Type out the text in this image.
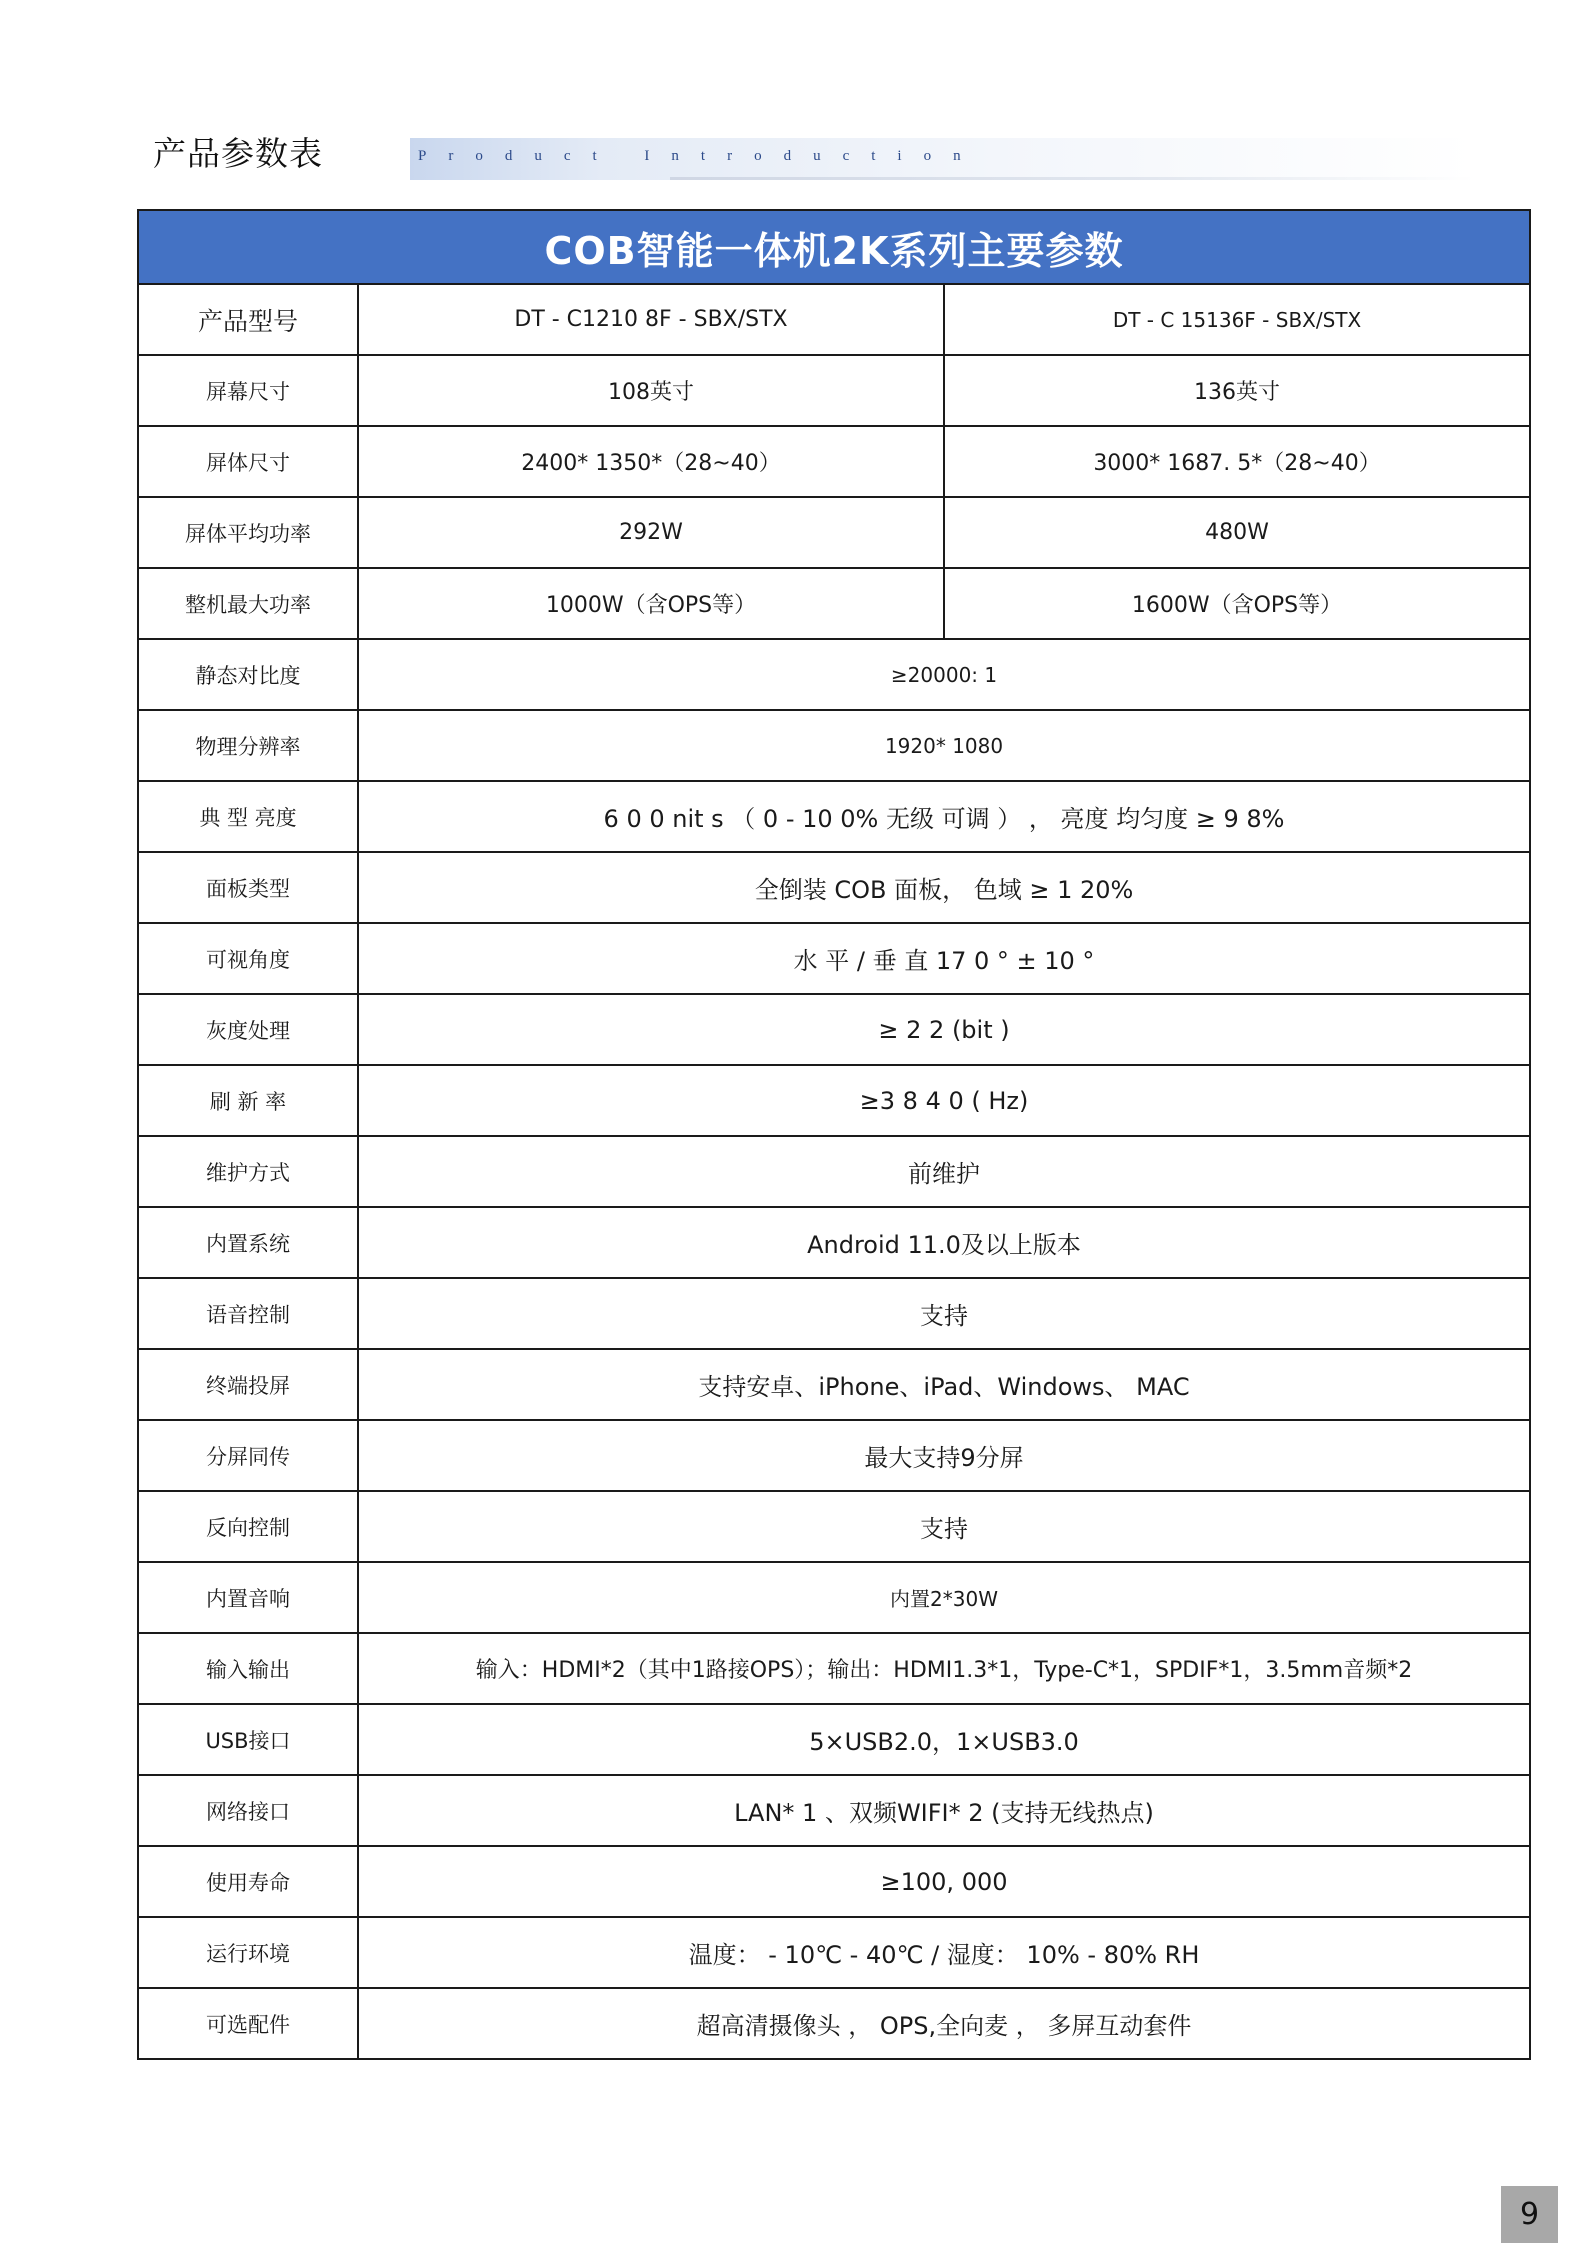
产品参数表	Product Introduction
COB智能一体机2K系列主要参数		
产品型号	DT - C1210 8F - SBX/STX	DT - C 15136F - SBX/STX
屏幕尺寸	108英寸	136英寸
屏体尺寸	2400* 1350*（28~40）	3000* 1687. 5*（28~40）
屏体平均功率	292W	480W
整机最大功率	1000W（含OPS等）	1600W（含OPS等）
静态对比度	≥20000: 1	
物理分辨率	1920* 1080	
典 型 亮度	6 0 0 nit s （ 0 - 10 0% 无级 可调 ） ， 亮度 均匀度 ≥ 9 8%	
面板类型	全倒装 COB 面板， 色域 ≥ 1 20%	
可视角度	水 平 / 垂 直 17 0 ° ± 10 °	
灰度处理	≥ 2 2 (bit )	
刷 新 率	≥3 8 4 0 ( Hz)	
维护方式	前维护	
内置系统	Android 11.0及以上版本	
语音控制	支持	
终端投屏	支持安卓、iPhone、iPad、Windows、 MAC	
分屏同传	最大支持9分屏	
反向控制	支持	
内置音响	内置2*30W	
输入输出	输入：HDMI*2（其中1路接OPS）；输出：HDMI1.3*1，Type-C*1，SPDIF*1，3.5mm音频*2	
USB接口	5×USB2.0，1×USB3.0	
网络接口	LAN* 1 、双频WIFI* 2 (支持无线热点)	
使用寿命	≥100, 000	
运行环境	温度： - 10℃ - 40℃ / 湿度： 10% - 80% RH	
可选配件	超高清摄像头 ， OPS,全向麦 ， 多屏互动套件	
9
